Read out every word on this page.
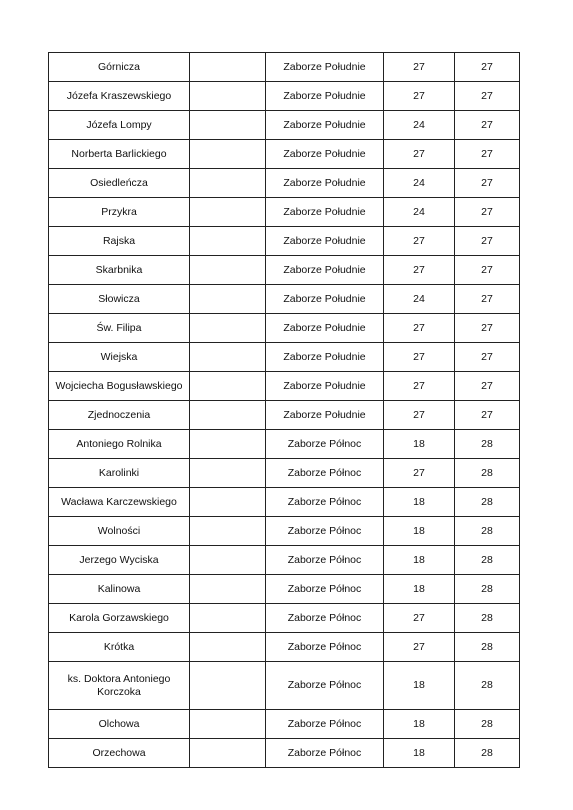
Górnicza		Zaborze Południe	27	27
Józefa Kraszewskiego		Zaborze Południe	27	27
Józefa Lompy		Zaborze Południe	24	27
Norberta Barlickiego		Zaborze Południe	27	27
Osiedleńcza		Zaborze Południe	24	27
Przykra		Zaborze Południe	24	27
Rajska		Zaborze Południe	27	27
Skarbnika		Zaborze Południe	27	27
Słowicza		Zaborze Południe	24	27
Św. Filipa		Zaborze Południe	27	27
Wiejska		Zaborze Południe	27	27
Wojciecha Bogusławskiego		Zaborze Południe	27	27
Zjednoczenia		Zaborze Południe	27	27
Antoniego Rolnika		Zaborze Północ	18	28
Karolinki		Zaborze Północ	27	28
Wacława Karczewskiego		Zaborze Północ	18	28
Wolności		Zaborze Północ	18	28
Jerzego Wyciska		Zaborze Północ	18	28
Kalinowa		Zaborze Północ	18	28
Karola Gorzawskiego		Zaborze Północ	27	28
Krótka		Zaborze Północ	27	28
ks. Doktora Antoniego Korczoka		Zaborze Północ	18	28
Olchowa		Zaborze Północ	18	28
Orzechowa		Zaborze Północ	18	28
